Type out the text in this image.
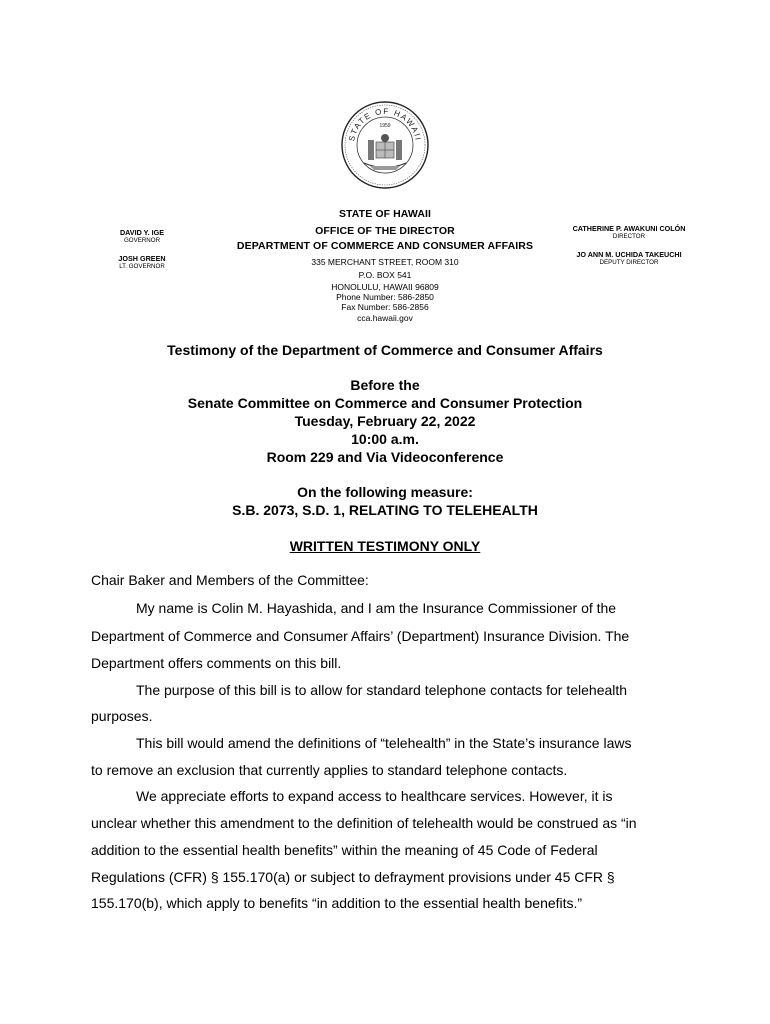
STATE OF HAWAII
1959
DAVID Y. IGE
GOVERNOR
JOSH GREEN
LT. GOVERNOR
CATHERINE P. AWAKUNI COLÓN
DIRECTOR
JO ANN M. UCHIDA TAKEUCHI
DEPUTY DIRECTOR
STATE OF HAWAII
OFFICE OF THE DIRECTOR
DEPARTMENT OF COMMERCE AND CONSUMER AFFAIRS
335 MERCHANT STREET, ROOM 310
P.O. BOX 541
HONOLULU, HAWAII 96809
Phone Number: 586-2850
Fax Number: 586-2856
cca.hawaii.gov
Testimony of the Department of Commerce and Consumer Affairs
Before the
Senate Committee on Commerce and Consumer Protection
Tuesday, February 22, 2022
10:00 a.m.
Room 229 and Via Videoconference
On the following measure:
S.B. 2073, S.D. 1, RELATING TO TELEHEALTH
WRITTEN TESTIMONY ONLY
Chair Baker and Members of the Committee:
My name is Colin M. Hayashida, and I am the Insurance Commissioner of the
Department of Commerce and Consumer Affairs’ (Department) Insurance Division. The
Department offers comments on this bill.
The purpose of this bill is to allow for standard telephone contacts for telehealth
purposes.
This bill would amend the definitions of “telehealth” in the State’s insurance laws
to remove an exclusion that currently applies to standard telephone contacts.
We appreciate efforts to expand access to healthcare services. However, it is
unclear whether this amendment to the definition of telehealth would be construed as “in
addition to the essential health benefits” within the meaning of 45 Code of Federal
Regulations (CFR) § 155.170(a) or subject to defrayment provisions under 45 CFR §
155.170(b), which apply to benefits “in addition to the essential health benefits.”
